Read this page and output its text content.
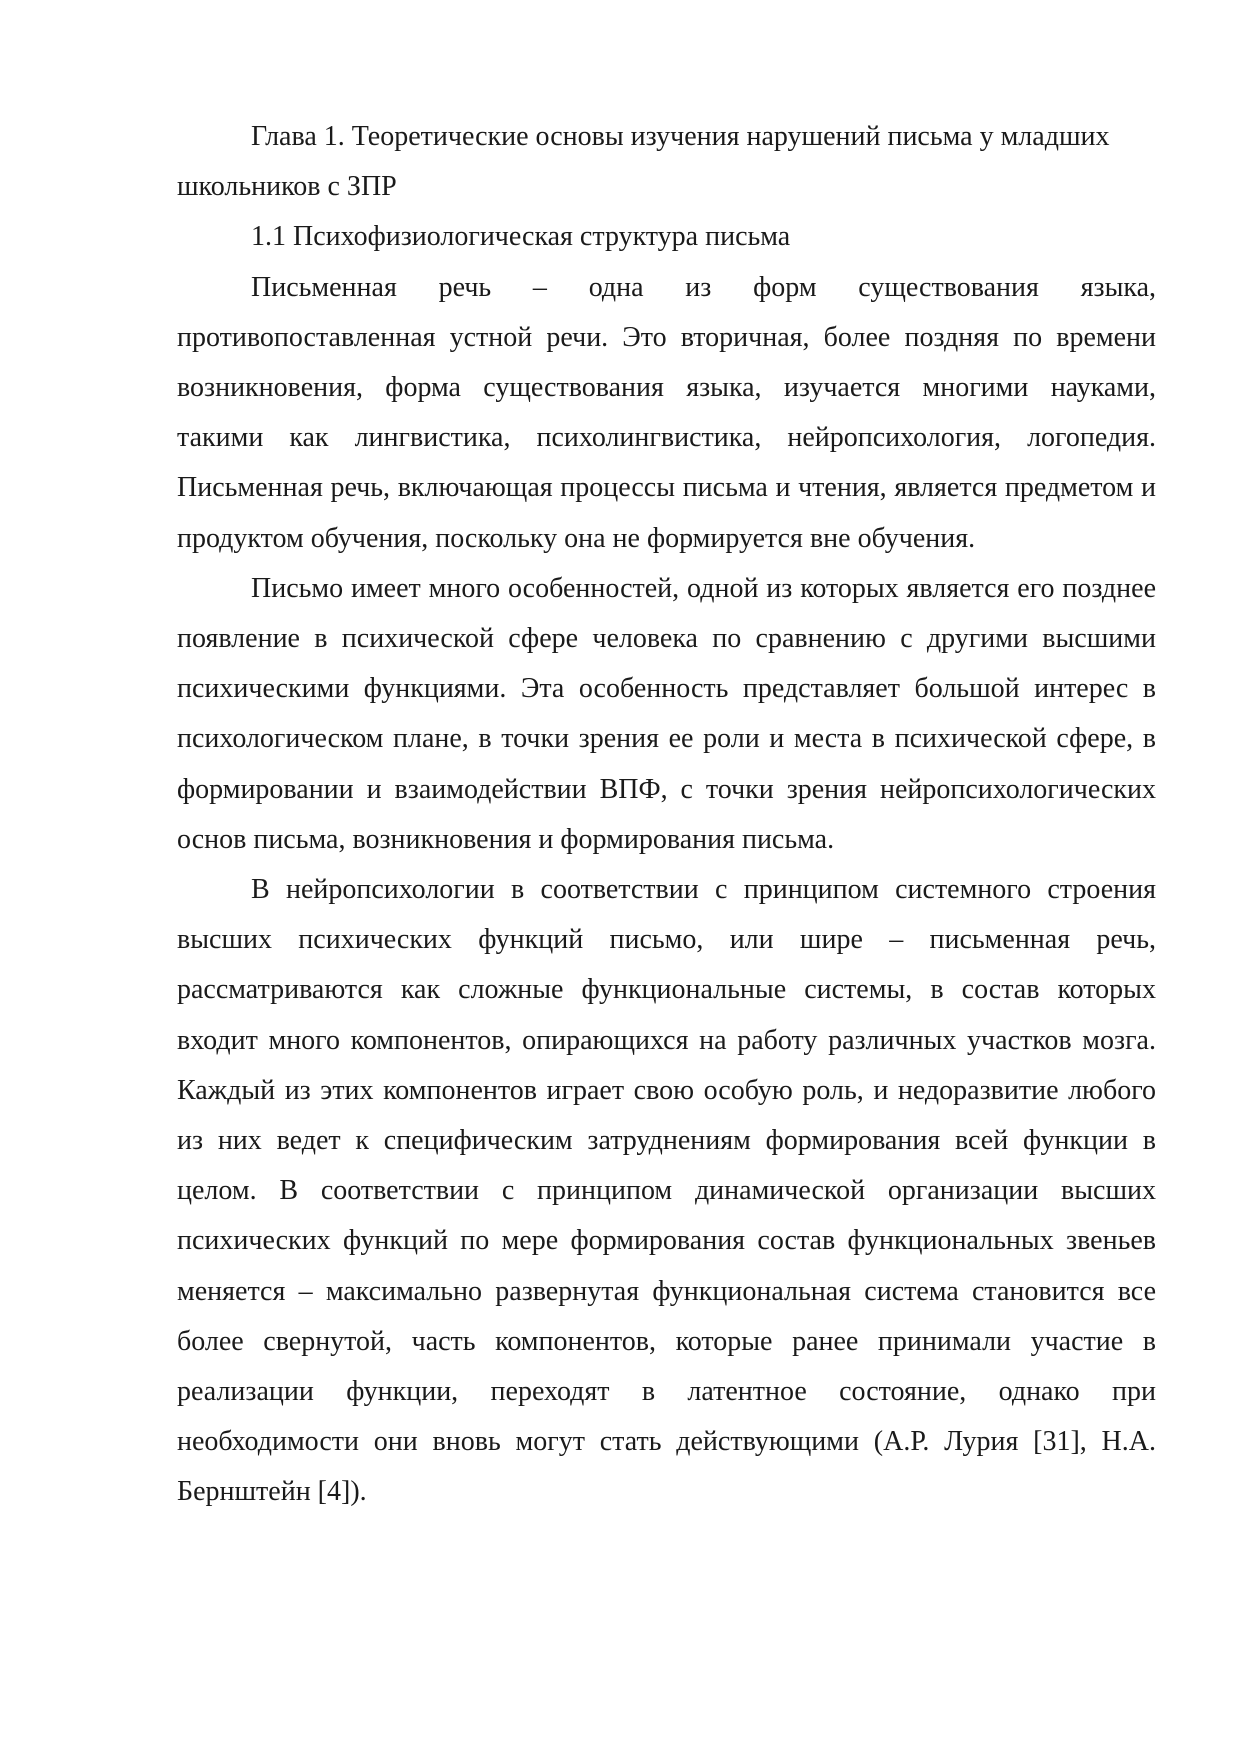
Глава 1. Теоретические основы изучения нарушений письма у младших школьников с ЗПР

1.1 Психофизиологическая структура письма

Письменная речь – одна из форм существования языка, противопоставленная устной речи. Это вторичная, более поздняя по времени возникновения, форма существования языка, изучается многими науками, такими как лингвистика, психолингвистика, нейропсихология, логопедия. Письменная речь, включающая процессы письма и чтения, является предметом и продуктом обучения, поскольку она не формируется вне обучения.

Письмо имеет много особенностей, одной из которых является его позднее появление в психической сфере человека по сравнению с другими высшими психическими функциями. Эта особенность представляет большой интерес в психологическом плане, в точки зрения ее роли и места в психической сфере, в формировании и взаимодействии ВПФ, с точки зрения нейропсихологических основ письма, возникновения и формирования письма.

В нейропсихологии в соответствии с принципом системного строения высших психических функций письмо, или шире – письменная речь, рассматриваются как сложные функциональные системы, в состав которых входит много компонентов, опирающихся на работу различных участков мозга. Каждый из этих компонентов играет свою особую роль, и недоразвитие любого из них ведет к специфическим затруднениям формирования всей функции в целом. В соответствии с принципом динамической организации высших психических функций по мере формирования состав функциональных звеньев меняется – максимально развернутая функциональная система становится все более свернутой, часть компонентов, которые ранее принимали участие в реализации функции, переходят в латентное состояние, однако при необходимости они вновь могут стать действующими (А.Р. Лурия [31], Н.А. Бернштейн [4]).
